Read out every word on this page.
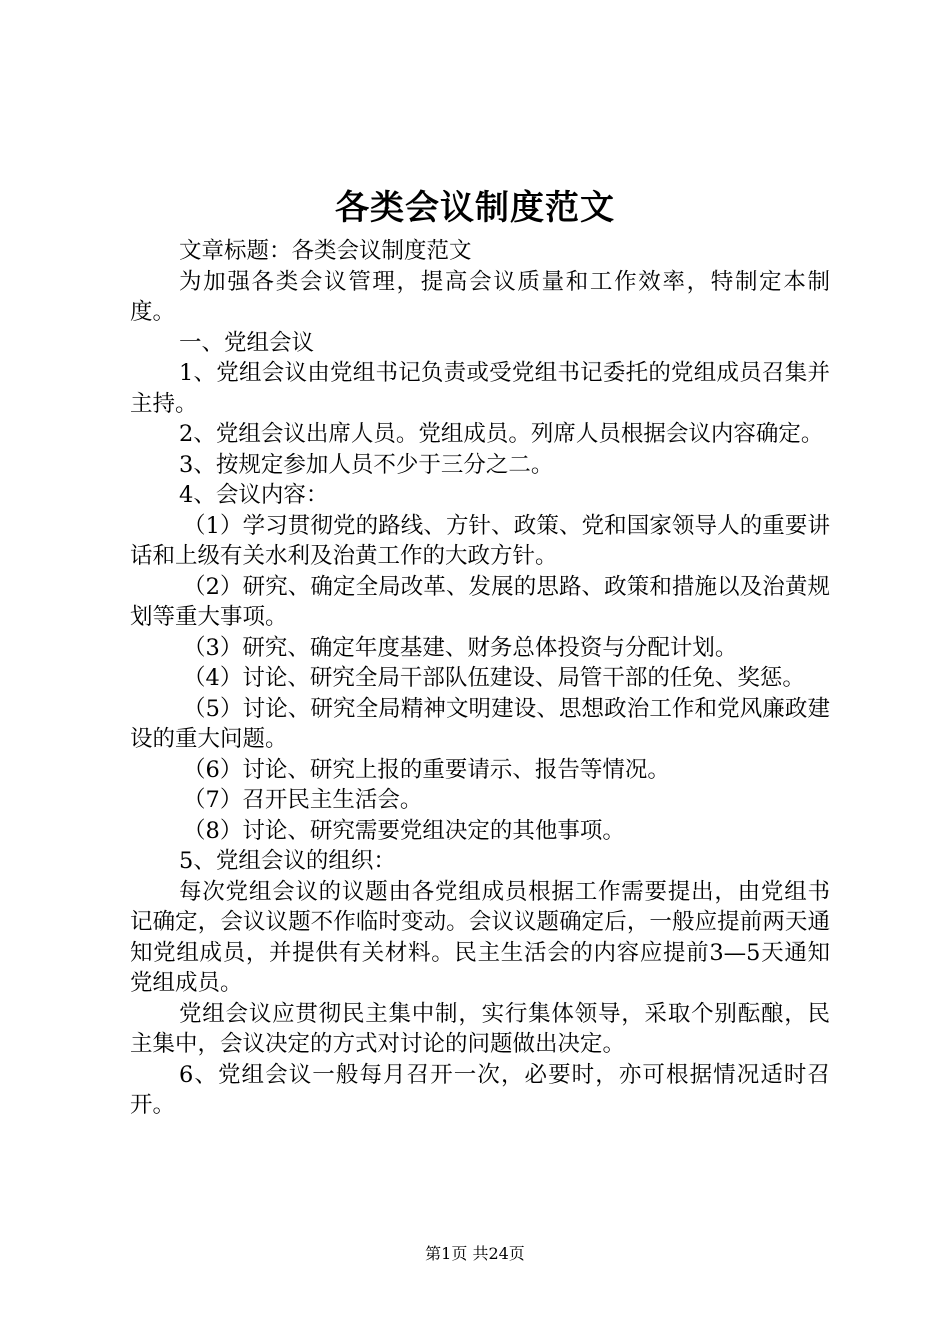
各类会议制度范文

文章标题：各类会议制度范文

为加强各类会议管理，提高会议质量和工作效率，特制定本制度。

一、党组会议

1、党组会议由党组书记负责或受党组书记委托的党组成员召集并主持。

2、党组会议出席人员。党组成员。列席人员根据会议内容确定。

3、按规定参加人员不少于三分之二。

4、会议内容：

（1）学习贯彻党的路线、方针、政策、党和国家领导人的重要讲话和上级有关水利及治黄工作的大政方针。

（2）研究、确定全局改革、发展的思路、政策和措施以及治黄规划等重大事项。

（3）研究、确定年度基建、财务总体投资与分配计划。

（4）讨论、研究全局干部队伍建设、局管干部的任免、奖惩。

（5）讨论、研究全局精神文明建设、思想政治工作和党风廉政建设的重大问题。

（6）讨论、研究上报的重要请示、报告等情况。

（7）召开民主生活会。

（8）讨论、研究需要党组决定的其他事项。

5、党组会议的组织：

每次党组会议的议题由各党组成员根据工作需要提出，由党组书记确定，会议议题不作临时变动。会议议题确定后，一般应提前两天通知党组成员，并提供有关材料。民主生活会的内容应提前3—5天通知党组成员。

党组会议应贯彻民主集中制，实行集体领导，采取个别酝酿，民主集中，会议决定的方式对讨论的问题做出决定。

6、党组会议一般每月召开一次，必要时，亦可根据情况适时召开。

第1页 共24页
